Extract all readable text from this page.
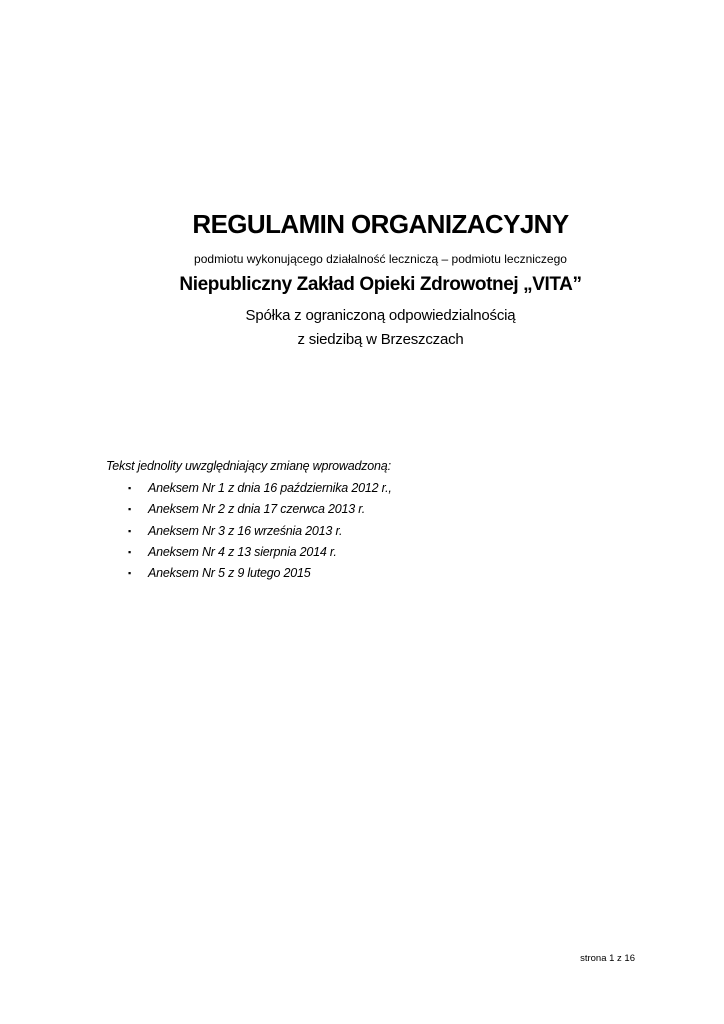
REGULAMIN ORGANIZACYJNY
podmiotu wykonującego działalność leczniczą – podmiotu leczniczego
Niepubliczny Zakład Opieki Zdrowotnej „VITA”
Spółka z ograniczoną odpowiedzialnością
z siedzibą w Brzeszczach
Tekst jednolity uwzględniający zmianę wprowadzoną:
▪ Aneksem Nr 1 z dnia 16 października 2012 r.,
▪ Aneksem Nr 2 z dnia 17 czerwca 2013 r.
▪ Aneksem Nr 3 z 16 września 2013 r.
▪ Aneksem Nr 4 z 13 sierpnia 2014 r.
▪ Aneksem Nr 5 z 9 lutego 2015
strona 1 z 16
